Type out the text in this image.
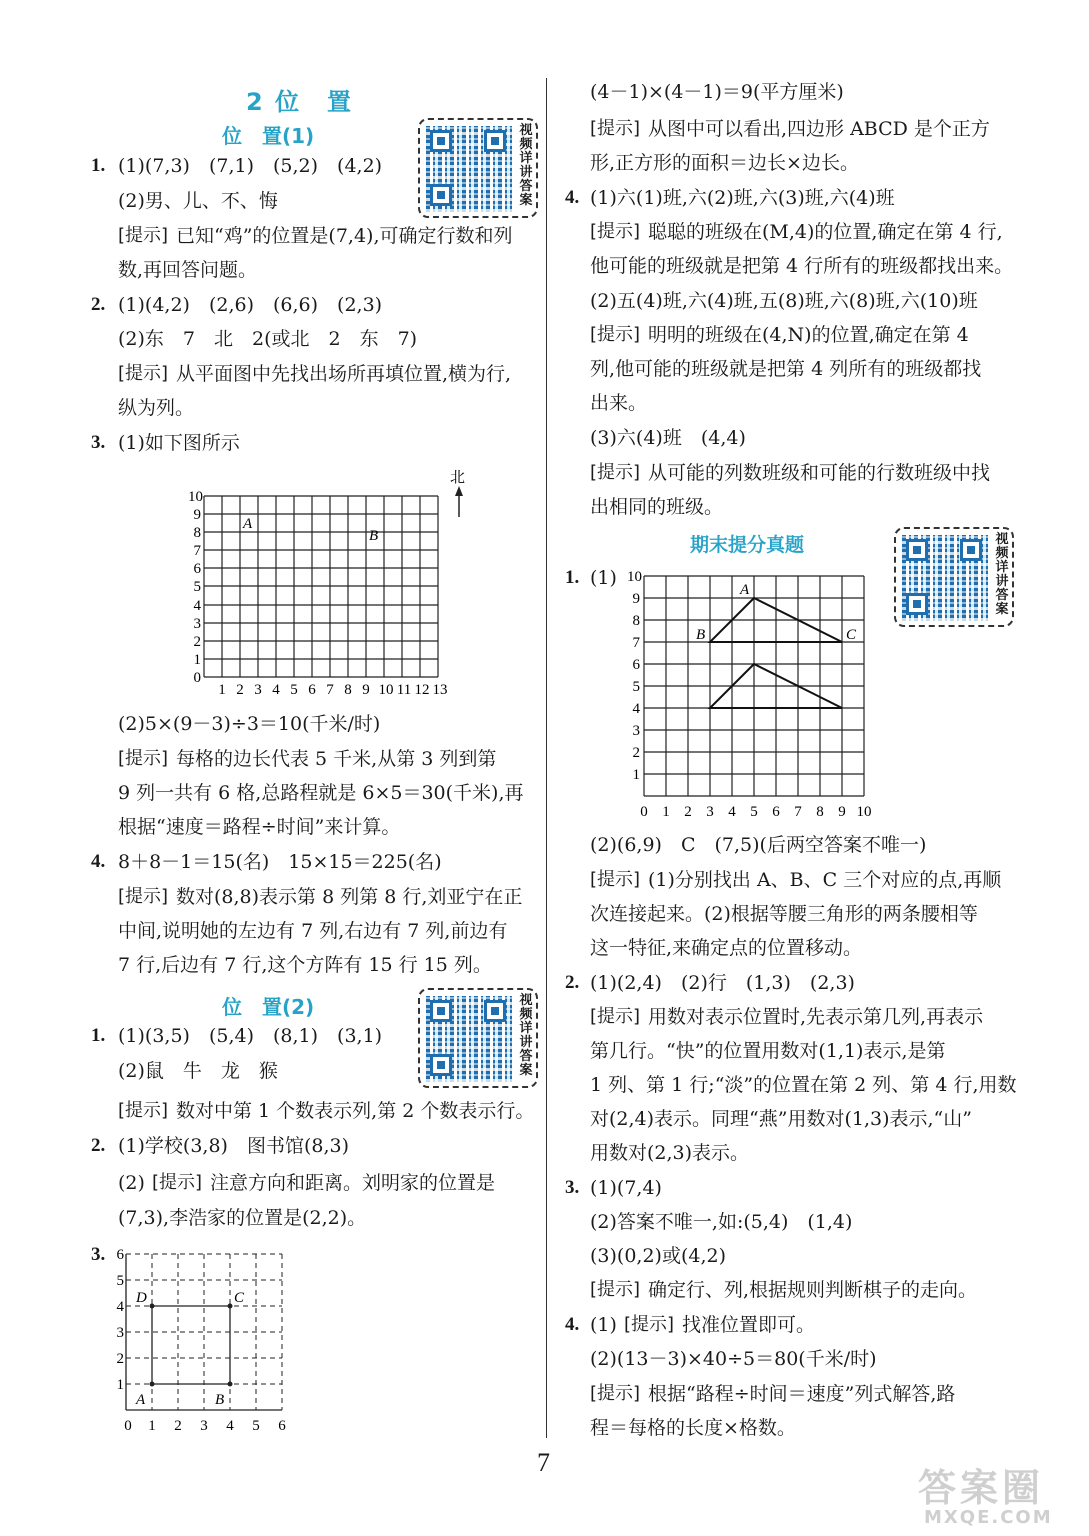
2 位　置
位　置(1)	视频详讲答案
1. (1)(7,3)　(7,1)　(5,2)　(4,2)
(2)男、儿、不、悔
[提示] 已知“鸡”的位置是(7,4),可确定行数和列
数,再回答问题。
2. (1)(4,2)　(2,6)　(6,6)　(2,3)
(2)东　7　北　2(或北　2　东　7)
[提示] 从平面图中先找出场所再填位置,横为行,
纵为列。
3. (1)如下图所示
A
B
0
1
2
3
4
5
6
7
8
9
10
1 2 3 4 5 6 7 8 9 10 11 12 13
北
(2)5×(9－3)÷3＝10(千米/时)
[提示] 每格的边长代表 5 千米,从第 3 列到第
9 列一共有 6 格,总路程就是 6×5＝30(千米),再
根据“速度＝路程÷时间”来计算。
4. 8＋8－1＝15(名)　15×15＝225(名)
[提示] 数对(8,8)表示第 8 列第 8 行,刘亚宁在正
中间,说明她的左边有 7 列,右边有 7 列,前边有
7 行,后边有 7 行,这个方阵有 15 行 15 列。
位　置(2)	视频详讲答案
1. (1)(3,5)　(5,4)　(8,1)　(3,1)
(2)鼠　牛　龙　猴
[提示] 数对中第 1 个数表示列,第 2 个数表示行。
2. (1)学校(3,8)　图书馆(8,3)
(2) [提示] 注意方向和距离。刘明家的位置是
(7,3),李浩家的位置是(2,2)。
3.
A	B
C
D
1
2
3
4
5
6
0 1 2 3 4 5 6
(4－1)×(4－1)＝9(平方厘米)
[提示] 从图中可以看出,四边形 ABCD 是个正方
形,正方形的面积＝边长×边长。
4. (1)六(1)班,六(2)班,六(3)班,六(4)班
[提示] 聪聪的班级在(M,4)的位置,确定在第 4 行,
他可能的班级就是把第 4 行所有的班级都找出来。
(2)五(4)班,六(4)班,五(8)班,六(8)班,六(10)班
[提示] 明明的班级在(4,N)的位置,确定在第 4
列,他可能的班级就是把第 4 列所有的班级都找
出来。
(3)六(4)班　(4,4)
[提示] 从可能的列数班级和可能的行数班级中找
出相同的班级。
期末提分真题	视频详讲答案
1. (1)
A
B	C
1
2
3
4
5
6
7
8
9
10
0 1 2 3 4 5 6 7 8 9 10
(2)(6,9)　C　(7,5)(后两空答案不唯一)
[提示] (1)分别找出 A、B、C 三个对应的点,再顺
次连接起来。(2)根据等腰三角形的两条腰相等
这一特征,来确定点的位置移动。
2. (1)(2,4)　(2)行　(1,3)　(2,3)
[提示] 用数对表示位置时,先表示第几列,再表示
第几行。“快”的位置用数对(1,1)表示,是第
1 列、第 1 行;“淡”的位置在第 2 列、第 4 行,用数
对(2,4)表示。同理“燕”用数对(1,3)表示,“山”
用数对(2,3)表示。
3. (1)(7,4)
(2)答案不唯一,如:(5,4)　(1,4)
(3)(0,2)或(4,2)
[提示] 确定行、列,根据规则判断棋子的走向。
4. (1) [提示] 找准位置即可。
(2)(13－3)×40÷5＝80(千米/时)
[提示] 根据“路程÷时间＝速度”列式解答,路
程＝每格的长度×格数。
7
答案圈
MXQE.COM
